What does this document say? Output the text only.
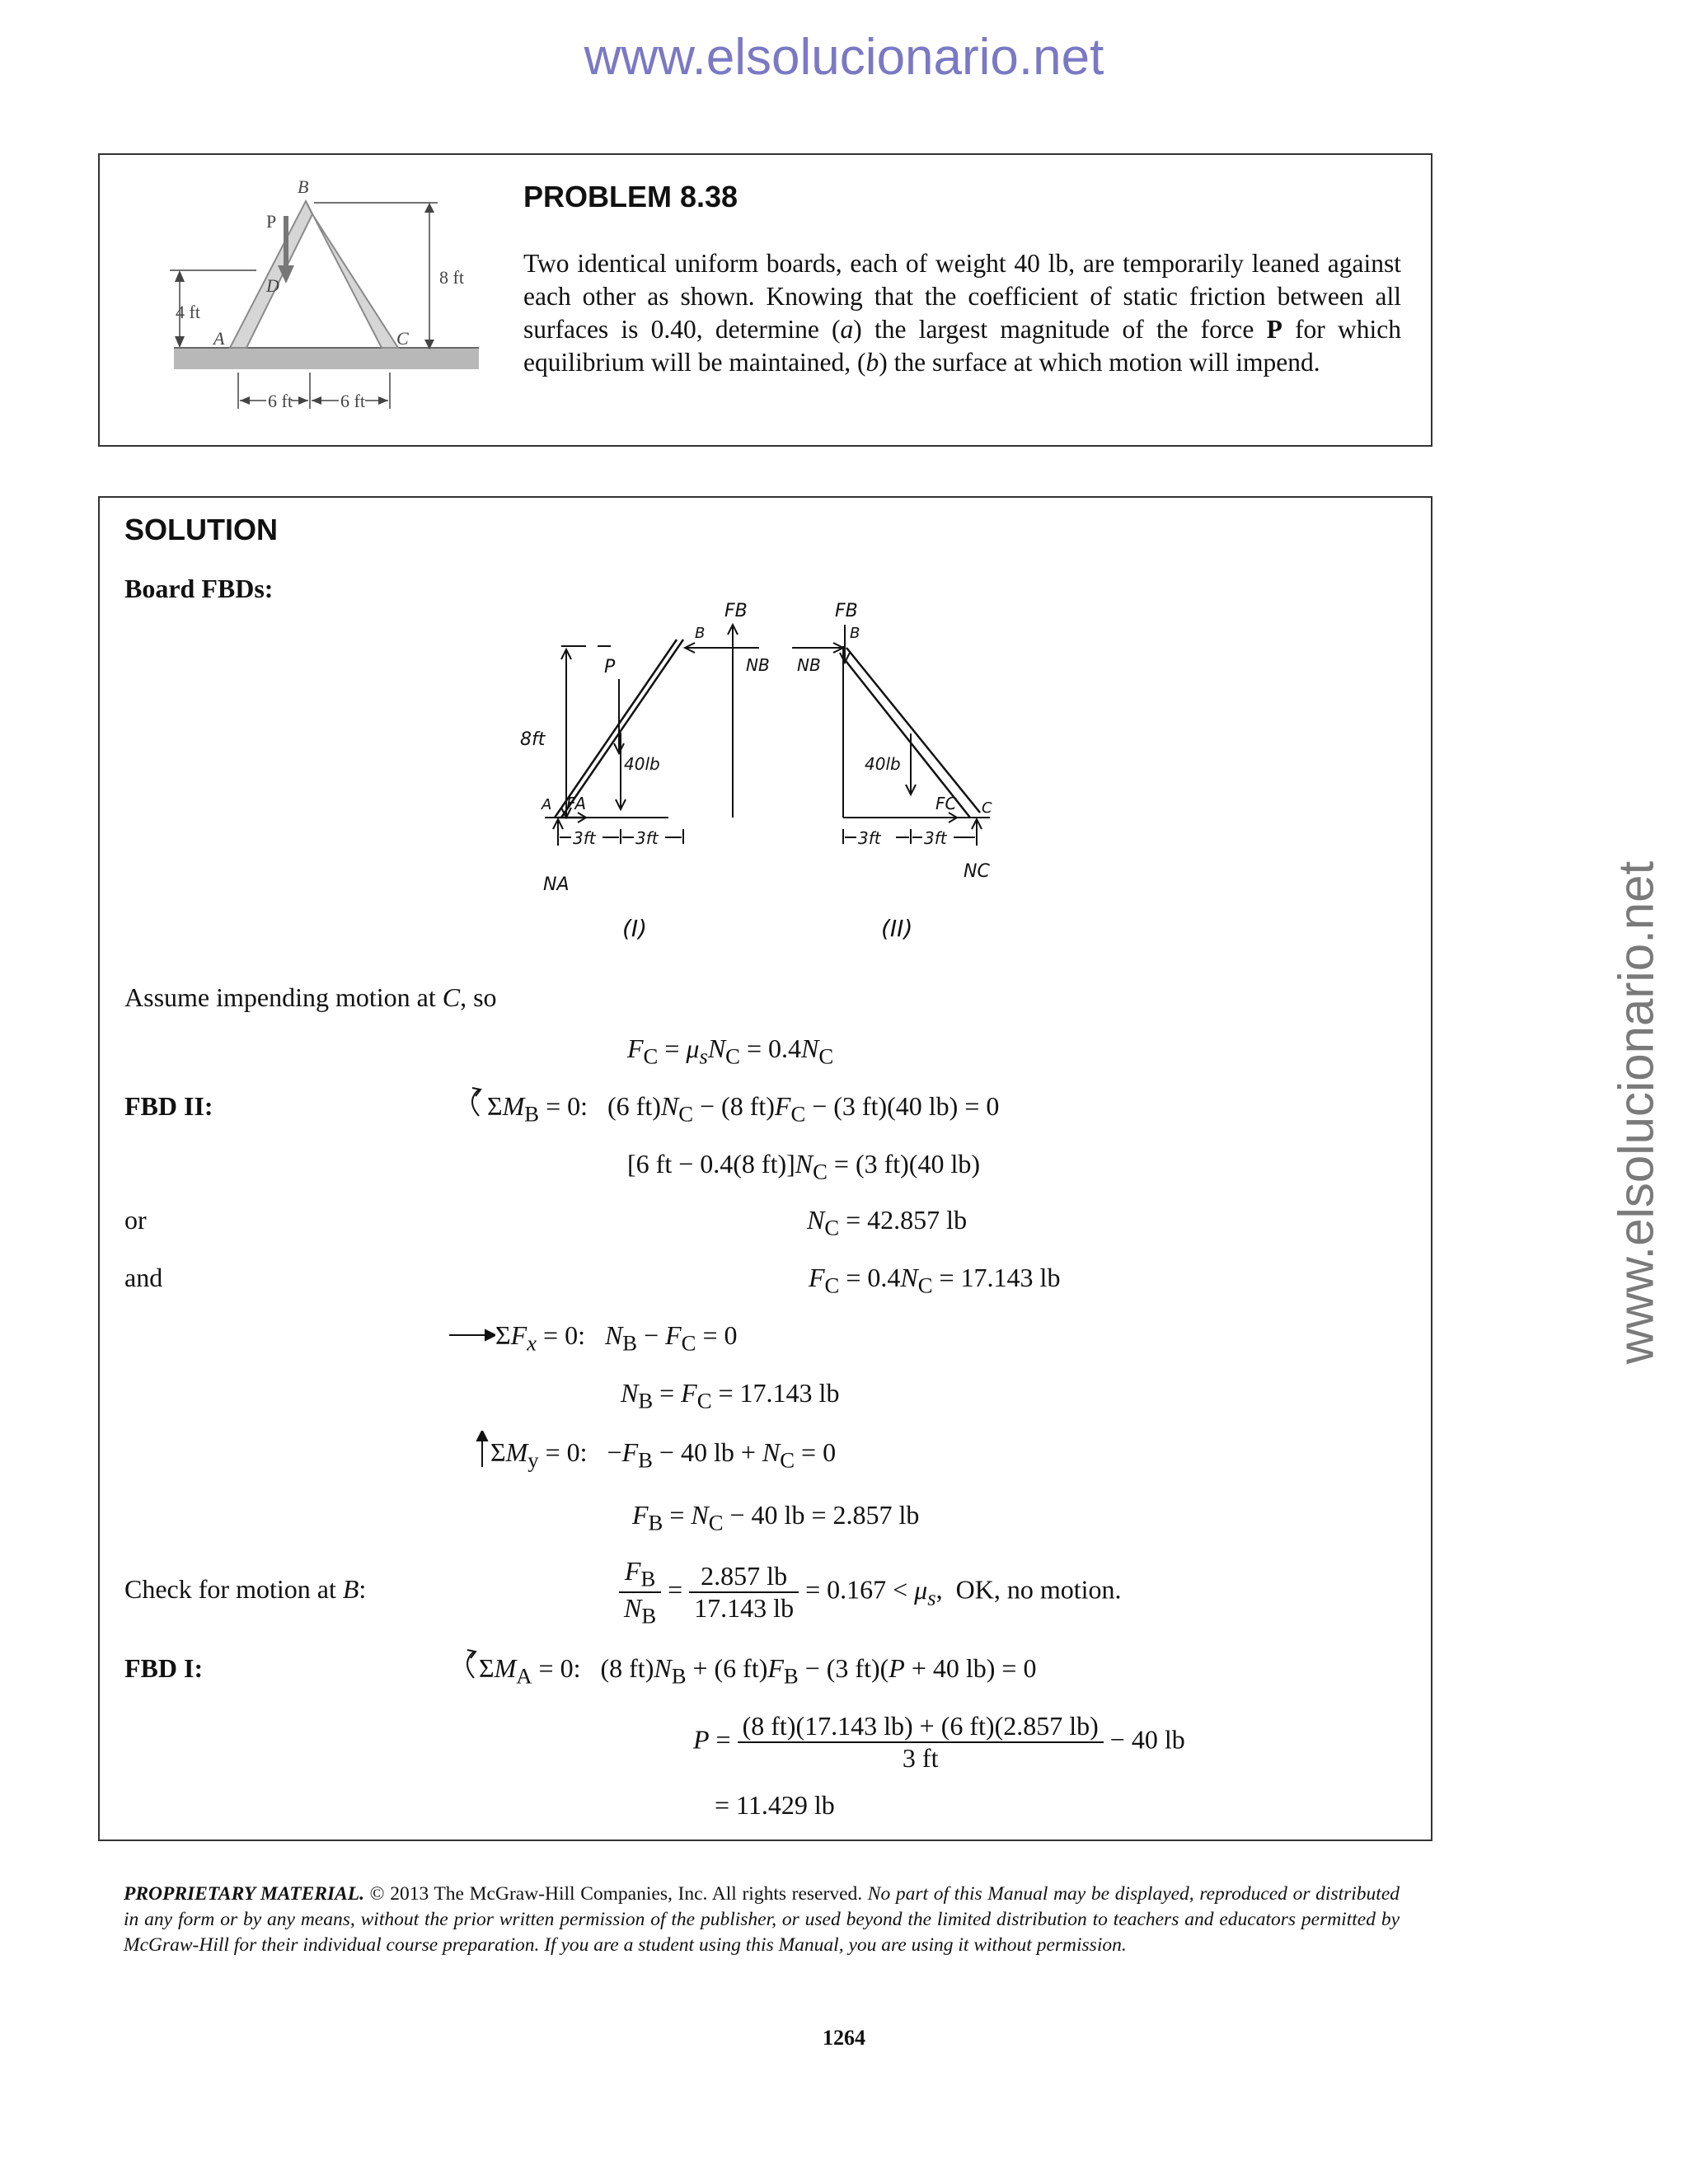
www.elsolucionario.net
www.elsolucionario.net
B
P
D
A	C
4 ft
8 ft
6 ft	6 ft
PROBLEM 8.38
Two identical uniform boards, each of weight 40 lb, are temporarily leaned against each other as shown. Knowing that the coefficient of static friction between all surfaces is 0.40, determine (a) the largest magnitude of the force P for which equilibrium will be maintained, (b) the surface at which motion will impend.
SOLUTION
Board FBDs:
FB
B
NB
P
8ft
40lb
A FA
3ft 3ft
NA
(I)
FB
B
NB
40lb
FC C
3ft	3ft
NC
(II)
Assume impending motion at C, so
$F_C = \mu_sN_C = 0.4N_C$
FBD II:	$\Sigma M_B = 0$:   (6 $ft)N_C - (8$ $ft)F_C - (3$ ft)(40 lb) = 0
[6 ft − 0.4(8 $ft)]N_C = (3$ ft)(40 lb)
or	$N_C = 42.857$ lb
and	$F_C = 0.4N_C = 17.143$ lb
$\Sigma F_x = 0$:   $N_B - F_C = 0$
$N_B = F_C = 17.143$ lb
$\Sigma M_y = 0$:   $-F_B - 40$ lb + $N_C = 0$
$F_B = N_C - 40$ lb = 2.857 lb
Check for motion at B:	$\frac{F_B}{N_B} = \frac{2.857 lb}{17.143 lb} = 0.167 < \mu_s$,  OK, no motion.
FBD I:	$\Sigma M_A = 0$:   (8 $ft)N_B + (6$ $ft)F_B - (3$ ft)(P + 40 lb) = 0
$P = \frac{(8 ft)(17.143 lb) + (6 ft)(2.857 lb)}{3 ft} - 40$ lb
= 11.429 lb
PROPRIETARY MATERIAL. © 2013 The McGraw-Hill Companies, Inc. All rights reserved. No part of this Manual may be displayed, reproduced or distributed in any form or by any means, without the prior written permission of the publisher, or used beyond the limited distribution to teachers and educators permitted by McGraw-Hill for their individual course preparation. If you are a student using this Manual, you are using it without permission.
1264
